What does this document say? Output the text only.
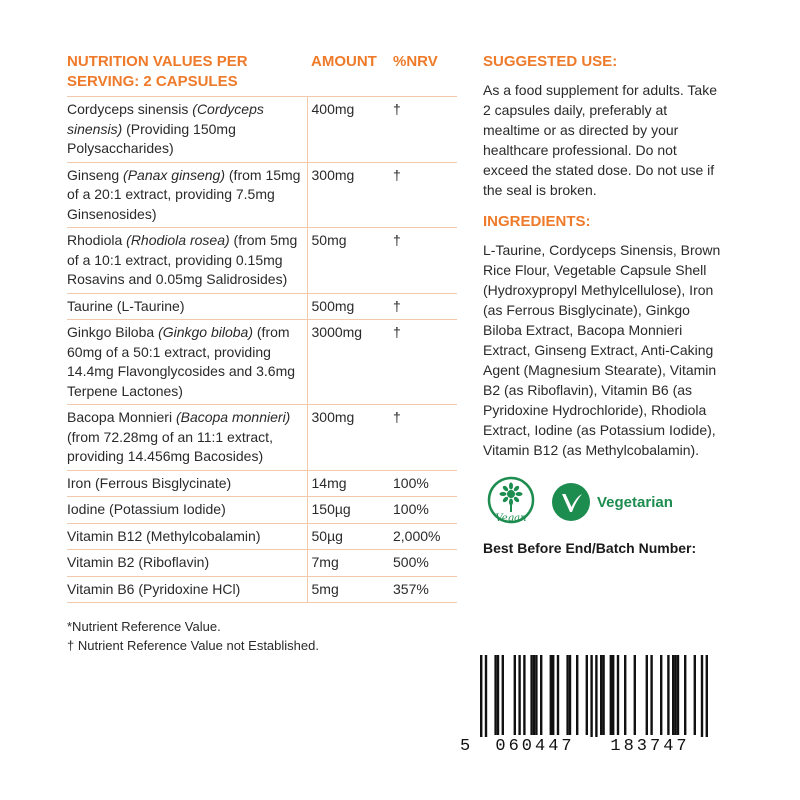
NUTRITION VALUES PER SERVING: 2 CAPSULES	AMOUNT	%NRV
Cordyceps sinensis (Cordyceps sinensis) (Providing 150mg Polysaccharides)	400mg	†
Ginseng (Panax ginseng) (from 15mg of a 20:1 extract, providing 7.5mg Ginsenosides)	300mg	†
Rhodiola (Rhodiola rosea) (from 5mg of a 10:1 extract, providing 0.15mg Rosavins and 0.05mg Salidrosides)	50mg	†
Taurine (L-Taurine)	500mg	†
Ginkgo Biloba (Ginkgo biloba) (from 60mg of a 50:1 extract, providing 14.4mg Flavonglycosides and 3.6mg Terpene Lactones)	3000mg	†
Bacopa Monnieri (Bacopa monnieri) (from 72.28mg of an 11:1 extract, providing 14.456mg Bacosides)	300mg	†
Iron (Ferrous Bisglycinate)	14mg	100%
Iodine (Potassium Iodide)	150µg	100%
Vitamin B12 (Methylcobalamin)	50µg	2,000%
Vitamin B2 (Riboflavin)	7mg	500%
Vitamin B6 (Pyridoxine HCl)	5mg	357%
*Nutrient Reference Value.
† Nutrient Reference Value not Established.
SUGGESTED USE:

As a food supplement for adults. Take 2 capsules daily, preferably at mealtime or as directed by your healthcare professional. Do not exceed the stated dose. Do not use if the seal is broken.

INGREDIENTS:

L-Taurine, Cordyceps Sinensis, Brown Rice Flour, Vegetable Capsule Shell (Hydroxypropyl Methylcellulose), Iron (as Ferrous Bisglycinate), Ginkgo Biloba Extract, Bacopa Monnieri Extract, Ginseng Extract, Anti-Caking Agent (Magnesium Stearate), Vitamin B2 (as Riboflavin), Vitamin B6 (as Pyridoxine Hydrochloride), Rhodiola Extract, Iodine (as Potassium Iodide), Vitamin B12 (as Methylcobalamin).

Vegan
Vegetarian
Best Before End/Batch Number:
5	060447	183747
